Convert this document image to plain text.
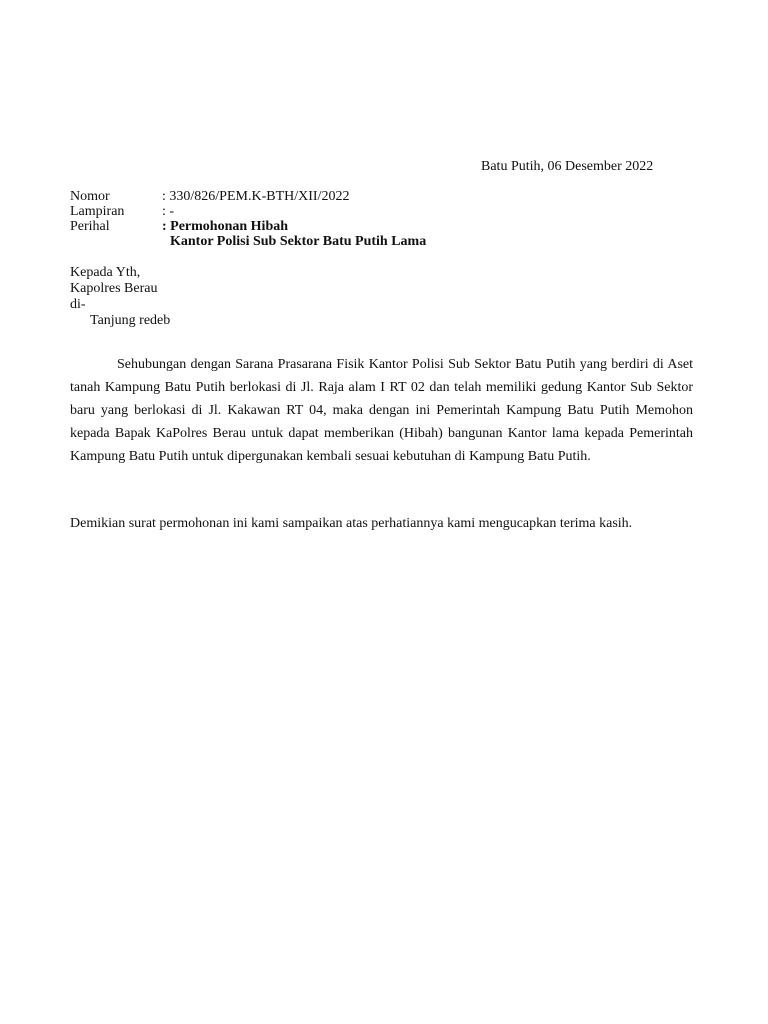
Batu Putih, 06 Desember 2022
Nomor	: 330/826/PEM.K-BTH/XII/2022
Lampiran	: -
Perihal	: Permohonan Hibah
Kantor Polisi Sub Sektor Batu Putih Lama
Kepada Yth,
Kapolres Berau
di-
Tanjung redeb
Sehubungan dengan Sarana Prasarana Fisik Kantor Polisi Sub Sektor Batu Putih yang berdiri di Aset tanah Kampung Batu Putih berlokasi di Jl. Raja alam I RT 02 dan telah memiliki gedung Kantor Sub Sektor baru yang berlokasi di Jl. Kakawan RT 04, maka dengan ini Pemerintah Kampung Batu Putih Memohon kepada Bapak KaPolres Berau untuk dapat memberikan (Hibah) bangunan Kantor lama kepada Pemerintah Kampung Batu Putih untuk dipergunakan kembali sesuai kebutuhan di Kampung Batu Putih.
Demikian surat permohonan ini kami sampaikan atas perhatiannya kami mengucapkan terima kasih.
